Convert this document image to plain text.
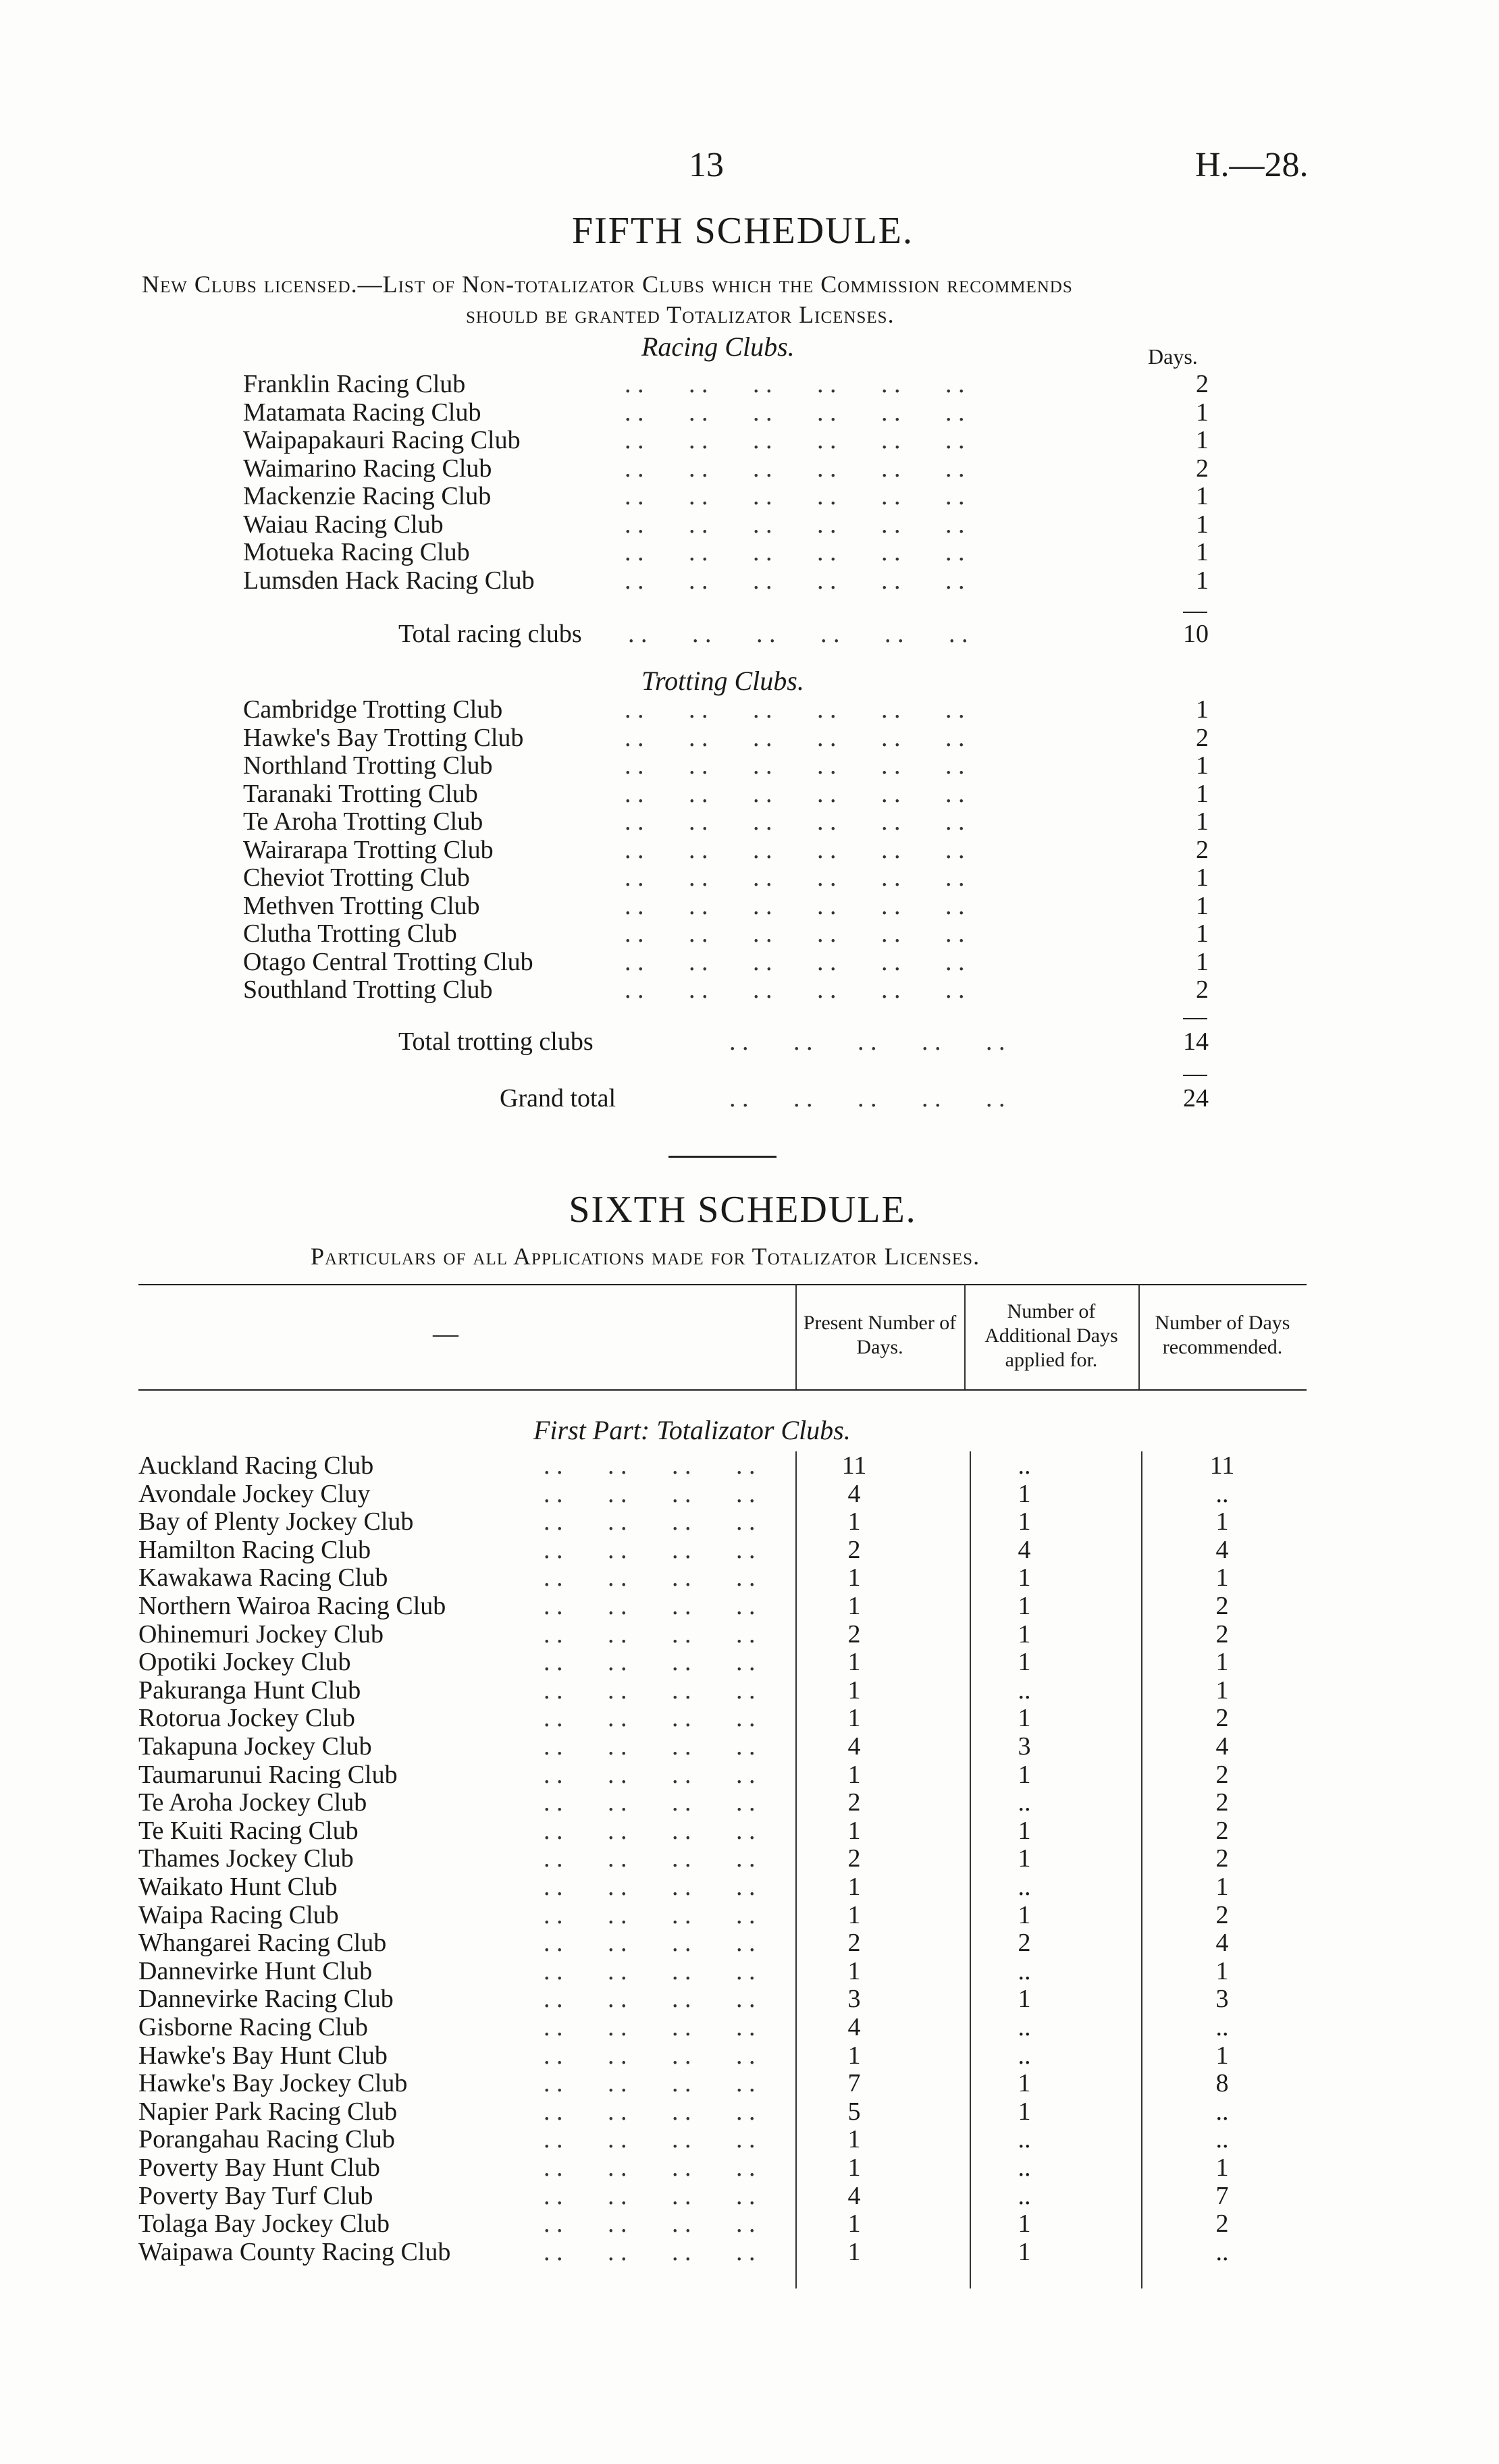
13	H.—28.
FIFTH SCHEDULE.
New Clubs licensed.—List of Non-totalizator Clubs which the Commission recommends
should be granted Totalizator Licenses.
Racing Clubs.	Days.
Franklin Racing Club	. .       . .       . .       . .       . .       . .	2
Matamata Racing Club	. .       . .       . .       . .       . .       . .	1
Waipapakauri Racing Club	. .       . .       . .       . .       . .       . .	1
Waimarino Racing Club	. .       . .       . .       . .       . .       . .	2
Mackenzie Racing Club	. .       . .       . .       . .       . .       . .	1
Waiau Racing Club	. .       . .       . .       . .       . .       . .	1
Motueka Racing Club	. .       . .       . .       . .       . .       . .	1
Lumsden Hack Racing Club	. .       . .       . .       . .       . .       . .	1
Total racing clubs . .       . .       . .       . .       . .       . .	10
Trotting Clubs.
Cambridge Trotting Club	. .       . .       . .       . .       . .       . .	1
Hawke's Bay Trotting Club	. .       . .       . .       . .       . .       . .	2
Northland Trotting Club	. .       . .       . .       . .       . .       . .	1
Taranaki Trotting Club	. .       . .       . .       . .       . .       . .	1
Te Aroha Trotting Club	. .       . .       . .       . .       . .       . .	1
Wairarapa Trotting Club	. .       . .       . .       . .       . .       . .	2
Cheviot Trotting Club	. .       . .       . .       . .       . .       . .	1
Methven Trotting Club	. .       . .       . .       . .       . .       . .	1
Clutha Trotting Club	. .       . .       . .       . .       . .       . .	1
Otago Central Trotting Club	. .       . .       . .       . .       . .       . .	1
Southland Trotting Club	. .       . .       . .       . .       . .       . .	2
Total trotting clubs	. .       . .       . .       . .       . .	14
Grand total	. .       . .       . .       . .       . .	24
SIXTH SCHEDULE.
Particulars of all Applications made for Totalizator Licenses.
—	Present Number of Days.
Number of Additional Days applied for.
Number of Days recommended.
First Part: Totalizator Clubs.
Auckland Racing Club	. .       . .       . .       . .	11	..	11
Avondale Jockey Cluy	. .       . .       . .       . .	4	1	..
Bay of Plenty Jockey Club	. .       . .       . .       . .	1	1	1
Hamilton Racing Club	. .       . .       . .       . .	2	4	4
Kawakawa Racing Club	. .       . .       . .       . .	1	1	1
Northern Wairoa Racing Club	. .       . .       . .       . .	1	1	2
Ohinemuri Jockey Club	. .       . .       . .       . .	2	1	2
Opotiki Jockey Club	. .       . .       . .       . .	1	1	1
Pakuranga Hunt Club	. .       . .       . .       . .	1	..	1
Rotorua Jockey Club	. .       . .       . .       . .	1	1	2
Takapuna Jockey Club	. .       . .       . .       . .	4	3	4
Taumarunui Racing Club	. .       . .       . .       . .	1	1	2
Te Aroha Jockey Club	. .       . .       . .       . .	2	..	2
Te Kuiti Racing Club	. .       . .       . .       . .	1	1	2
Thames Jockey Club	. .       . .       . .       . .	2	1	2
Waikato Hunt Club	. .       . .       . .       . .	1	..	1
Waipa Racing Club	. .       . .       . .       . .	1	1	2
Whangarei Racing Club	. .       . .       . .       . .	2	2	4
Dannevirke Hunt Club	. .       . .       . .       . .	1	..	1
Dannevirke Racing Club	. .       . .       . .       . .	3	1	3
Gisborne Racing Club	. .       . .       . .       . .	4	..	..
Hawke's Bay Hunt Club	. .       . .       . .       . .	1	..	1
Hawke's Bay Jockey Club	. .       . .       . .       . .	7	1	8
Napier Park Racing Club	. .       . .       . .       . .	5	1	..
Porangahau Racing Club	. .       . .       . .       . .	1	..	..
Poverty Bay Hunt Club	. .       . .       . .       . .	1	..	1
Poverty Bay Turf Club	. .       . .       . .       . .	4	..	7
Tolaga Bay Jockey Club	. .       . .       . .       . .	1	1	2
Waipawa County Racing Club	. .       . .       . .       . .	1	1	..
